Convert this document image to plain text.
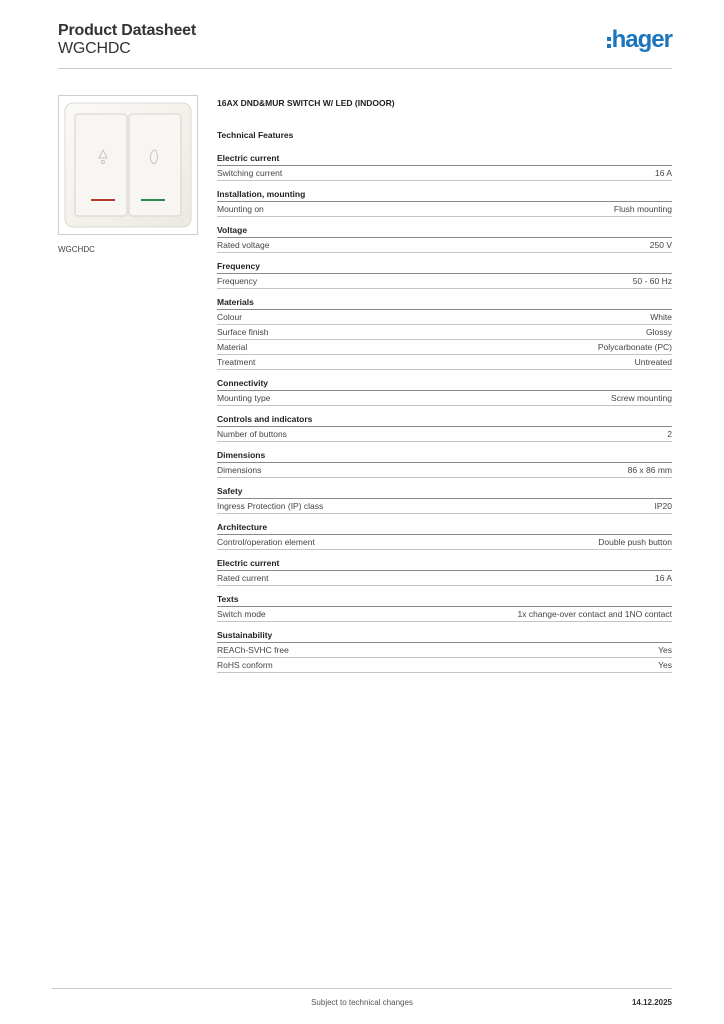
Product Datasheet
WGCHDC	hager
WGCHDC
16AX DND&MUR SWITCH W/ LED (INDOOR)
Technical Features
Electric current
Switching current	16 A
Installation, mounting
Mounting on	Flush mounting
Voltage
Rated voltage	250 V
Frequency
Frequency	50 - 60 Hz
Materials
Colour	White
Surface finish	Glossy
Material	Polycarbonate (PC)
Treatment	Untreated
Connectivity
Mounting type	Screw mounting
Controls and indicators
Number of buttons	2
Dimensions
Dimensions	86 x 86 mm
Safety
Ingress Protection (IP) class	IP20
Architecture
Control/operation element	Double push button
Electric current
Rated current	16 A
Texts
Switch mode	1x change-over contact and 1NO contact
Sustainability
REACh-SVHC free	Yes
RoHS conform	Yes
Subject to technical changes	14.12.2025
